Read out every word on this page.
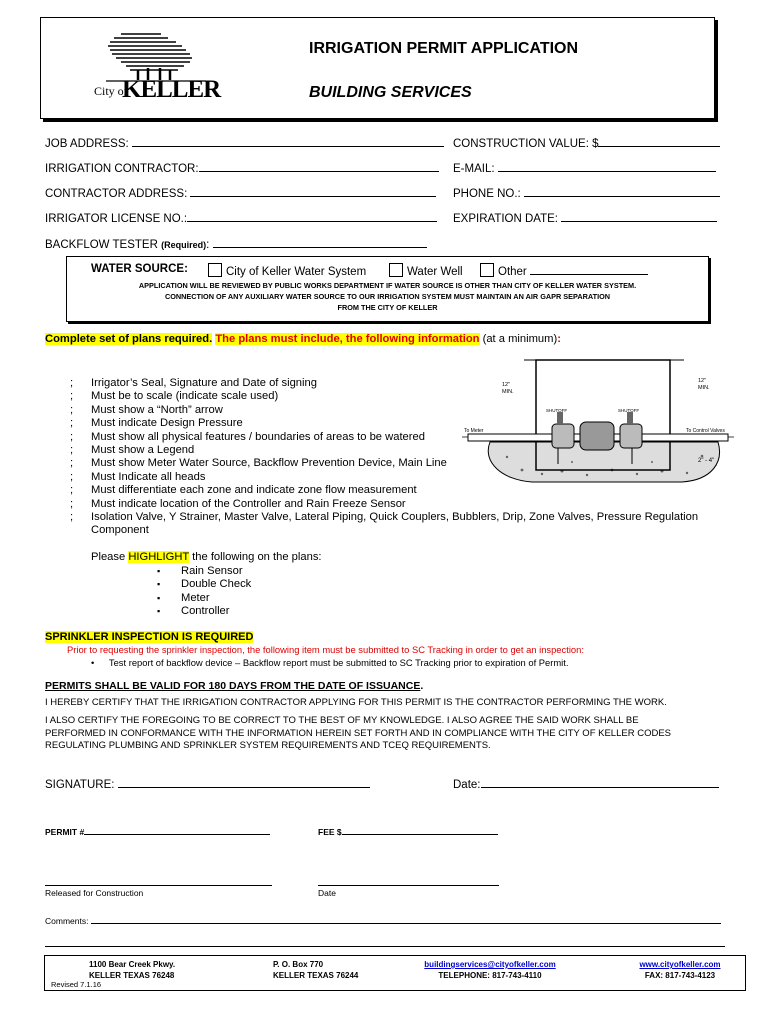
City of
KELLER
IRRIGATION PERMIT APPLICATION
BUILDING SERVICES
JOB ADDRESS:	CONSTRUCTION VALUE: $
IRRIGATION CONTRACTOR:	E-MAIL:
CONTRACTOR ADDRESS:	PHONE NO.:
IRRIGATOR LICENSE NO.:	EXPIRATION DATE:
BACKFLOW TESTER (Required):
WATER SOURCE:	City of Keller Water System	Water Well	Other
APPLICATION WILL BE REVIEWED BY PUBLIC WORKS DEPARTMENT IF WATER SOURCE IS OTHER THAN CITY OF KELLER WATER SYSTEM.
CONNECTION OF ANY AUXILIARY WATER SOURCE TO OUR IRRIGATION SYSTEM MUST MAINTAIN AN AIR GAPR SEPARATION
FROM THE CITY OF KELLER
Complete set of plans required. The plans must include, the following information (at a minimum):
12"
MIN.
12"
MIN.
To Meter	To Control Valves
2" - 4"
SHUTOFF	SHUTOFF
; Irrigator’s Seal, Signature and Date of signing
; Must be to scale (indicate scale used)
; Must show a “North” arrow
; Must indicate Design Pressure
; Must show all physical features / boundaries of areas to be watered
; Must show a Legend
; Must show Meter Water Source, Backflow Prevention Device, Main Line
; Must Indicate all heads
; Must differentiate each zone and indicate zone flow measurement
; Must indicate location of the Controller and Rain Freeze Sensor
; Isolation Valve, Y Strainer, Master Valve, Lateral Piping, Quick Couplers, Bubblers, Drip, Zone Valves, Pressure Regulation
Component
Please HIGHLIGHT the following on the plans:
▪ Rain Sensor
▪ Double Check
▪ Meter
▪ Controller
SPRINKLER INSPECTION IS REQUIRED
Prior to requesting the sprinkler inspection, the following item must be submitted to SC Tracking in order to get an inspection:
• Test report of backflow device – Backflow report must be submitted to SC Tracking prior to expiration of Permit.
PERMITS SHALL BE VALID FOR 180 DAYS FROM THE DATE OF ISSUANCE.
I HEREBY CERTIFY THAT THE IRRIGATION CONTRACTOR APPLYING FOR THIS PERMIT IS THE CONTRACTOR PERFORMING THE WORK.
I ALSO CERTIFY THE FOREGOING TO BE CORRECT TO THE BEST OF MY KNOWLEDGE. I ALSO AGREE THE SAID WORK SHALL BE
PERFORMED IN CONFORMANCE WITH THE INFORMATION HEREIN SET FORTH AND IN COMPLIANCE WITH THE CITY OF KELLER CODES
REGULATING PLUMBING AND SPRINKLER SYSTEM REQUIREMENTS AND TCEQ REQUIREMENTS.
SIGNATURE:	Date:
PERMIT #	FEE $
Released for Construction	Date
Comments:
1100 Bear Creek Pkwy.
KELLER TEXAS 76248
P. O. Box 770
KELLER TEXAS 76244
buildingservices@cityofkeller.com
TELEPHONE: 817-743-4110
www.cityofkeller.com
FAX: 817-743-4123
Revised 7.1.16
